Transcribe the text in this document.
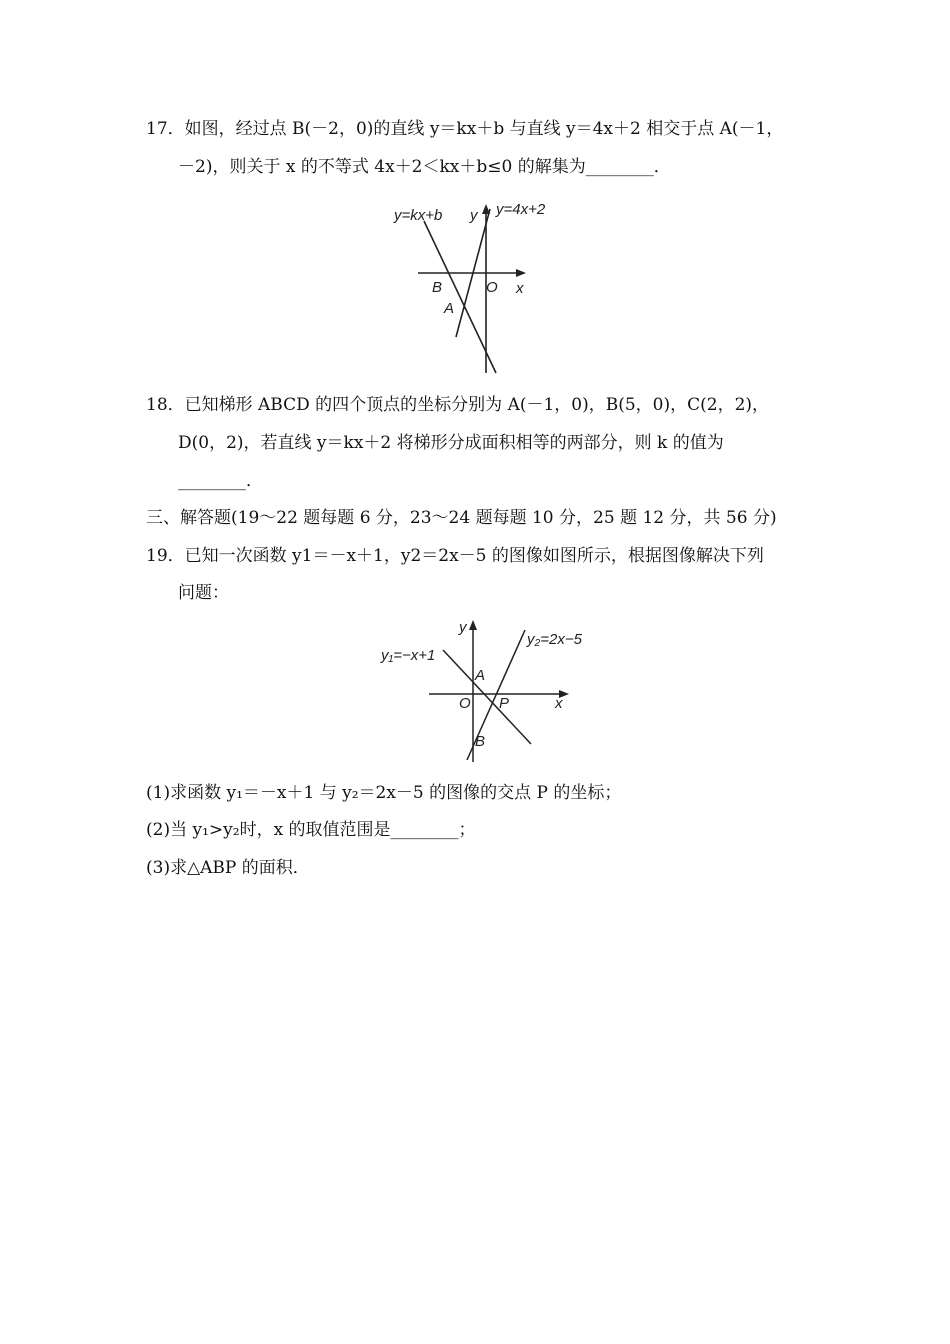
17．如图，经过点 B(－2，0)的直线 y＝kx＋b 与直线 y＝4x＋2 相交于点 A(－1，
－2)，则关于 x 的不等式 4x＋2＜kx＋b≤0 的解集为________．
y=kx+b y y=4x+2
B	O x
A
18．已知梯形 ABCD 的四个顶点的坐标分别为 A(－1，0)，B(5，0)，C(2，2)，
D(0，2)，若直线 y＝kx＋2 将梯形分成面积相等的两部分，则 k 的值为
________．
三、解答题(19～22 题每题 6 分，23～24 题每题 10 分，25 题 12 分，共 56 分)
19．已知一次函数 y1＝－x＋1，y2＝2x－5 的图像如图所示，根据图像解决下列
问题：
y
y₂=2x−5
y₁=−x+1
A
O P	x
B
(1)求函数 y₁＝－x＋1 与 y₂＝2x－5 的图像的交点 P 的坐标；
(2)当 y₁>y₂时，x 的取值范围是________；
(3)求△ABP 的面积．
